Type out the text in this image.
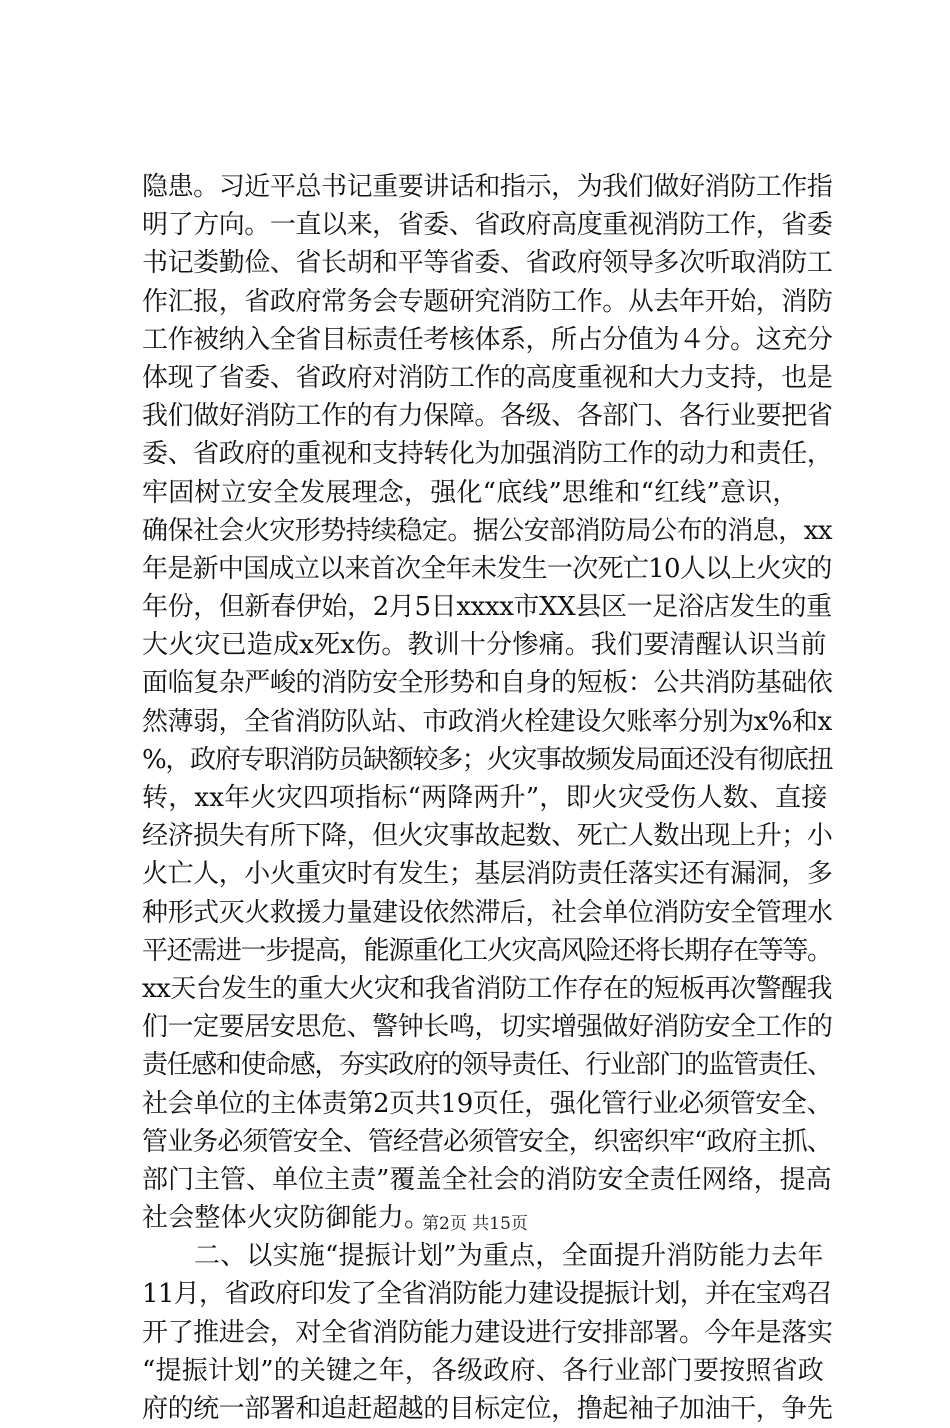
隐患。习近平总书记重要讲话和指示，为我们做好消防工作指
明了方向。一直以来，省委、省政府高度重视消防工作，省委
书记娄勤俭、省长胡和平等省委、省政府领导多次听取消防工
作汇报，省政府常务会专题研究消防工作。从去年开始，消防
工作被纳入全省目标责任考核体系，所占分值为４分。这充分
体现了省委、省政府对消防工作的高度重视和大力支持，也是
我们做好消防工作的有力保障。各级、各部门、各行业要把省
委、省政府的重视和支持转化为加强消防工作的动力和责任，
牢固树立安全发展理念，强化“底线”思维和“红线”意识，
确保社会火灾形势持续稳定。据公安部消防局公布的消息，xx
年是新中国成立以来首次全年未发生一次死亡10人以上火灾的
年份，但新春伊始，2月5日xxxx市XX县区一足浴店发生的重
大火灾已造成x死x伤。教训十分惨痛。我们要清醒认识当前
面临复杂严峻的消防安全形势和自身的短板：公共消防基础依
然薄弱，全省消防队站、市政消火栓建设欠账率分别为x%和x
%，政府专职消防员缺额较多；火灾事故频发局面还没有彻底扭
转，xx年火灾四项指标“两降两升”，即火灾受伤人数、直接
经济损失有所下降，但火灾事故起数、死亡人数出现上升；小
火亡人，小火重灾时有发生；基层消防责任落实还有漏洞，多
种形式灭火救援力量建设依然滞后，社会单位消防安全管理水
平还需进一步提高，能源重化工火灾高风险还将长期存在等等。
xx天台发生的重大火灾和我省消防工作存在的短板再次警醒我
们一定要居安思危、警钟长鸣，切实增强做好消防安全工作的
责任感和使命感，夯实政府的领导责任、行业部门的监管责任、
社会单位的主体责第2页共19页任，强化管行业必须管安全、
管业务必须管安全、管经营必须管安全，织密织牢“政府主抓、
部门主管、单位主责”覆盖全社会的消防安全责任网络，提高
社会整体火灾防御能力。
二、以实施“提振计划”为重点，全面提升消防能力去年
11月，省政府印发了全省消防能力建设提振计划，并在宝鸡召
开了推进会，对全省消防能力建设进行安排部署。今年是落实
“提振计划”的关键之年，各级政府、各行业部门要按照省政
府的统一部署和追赶超越的目标定位，撸起袖子加油干，争先
第2页 共15页
